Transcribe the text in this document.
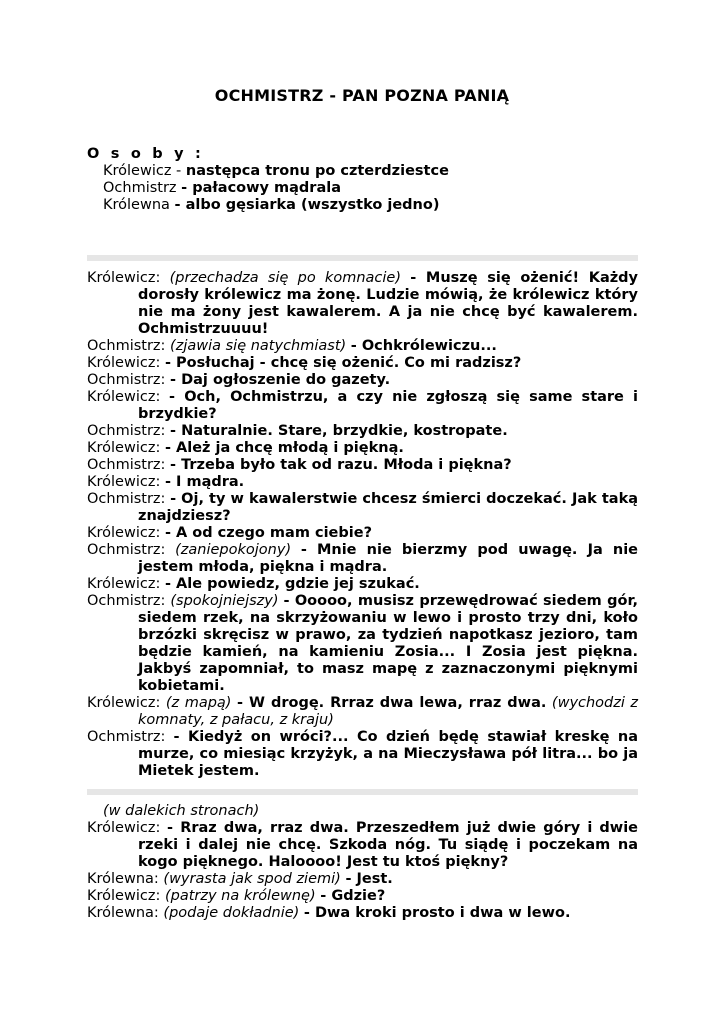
OCHMISTRZ - PAN POZNA PANIĄ
O s o b y :
Królewicz - następca tronu po czterdziestce
Ochmistrz - pałacowy mądrala
Królewna - albo gęsiarka (wszystko jedno)
Królewicz: (przechadza się po komnacie) - Muszę się ożenić! Każdy dorosły królewicz ma żonę. Ludzie mówią, że królewicz który nie ma żony jest kawalerem. A ja nie chcę być kawalerem. Ochmistrzuuuu!
Ochmistrz: (zjawia się natychmiast) - Ochkrólewiczu...
Królewicz: - Posłuchaj - chcę się ożenić. Co mi radzisz?
Ochmistrz: - Daj ogłoszenie do gazety.
Królewicz: - Och, Ochmistrzu, a czy nie zgłoszą się same stare i brzydkie?
Ochmistrz: - Naturalnie. Stare, brzydkie, kostropate.
Królewicz: - Ależ ja chcę młodą i piękną.
Ochmistrz: - Trzeba było tak od razu. Młoda i piękna?
Królewicz: - I mądra.
Ochmistrz: - Oj, ty w kawalerstwie chcesz śmierci doczekać. Jak taką znajdziesz?
Królewicz: - A od czego mam ciebie?
Ochmistrz: (zaniepokojony) - Mnie nie bierzmy pod uwagę. Ja nie jestem młoda, piękna i mądra.
Królewicz: - Ale powiedz, gdzie jej szukać.
Ochmistrz: (spokojniejszy) - Ooooo, musisz przewędrować siedem gór, siedem rzek, na skrzyżowaniu w lewo i prosto trzy dni, koło brzózki skręcisz w prawo, za tydzień napotkasz jezioro, tam będzie kamień, na kamieniu Zosia... I Zosia jest piękna. Jakbyś zapomniał, to masz mapę z zaznaczonymi pięknymi kobietami.
Królewicz: (z mapą) - W drogę. Rrraz dwa lewa, rraz dwa. (wychodzi z komnaty, z pałacu, z kraju)
Ochmistrz: - Kiedyż on wróci?... Co dzień będę stawiał kreskę na murze, co miesiąc krzyżyk, a na Mieczysława pół litra... bo ja Mietek jestem.
(w dalekich stronach)
Królewicz: - Rraz dwa, rraz dwa. Przeszedłem już dwie góry i dwie rzeki i dalej nie chcę. Szkoda nóg. Tu siądę i poczekam na kogo pięknego. Haloooo! Jest tu ktoś piękny?
Królewna: (wyrasta jak spod ziemi) - Jest.
Królewicz: (patrzy na królewnę) - Gdzie?
Królewna: (podaje dokładnie) - Dwa kroki prosto i dwa w lewo.
